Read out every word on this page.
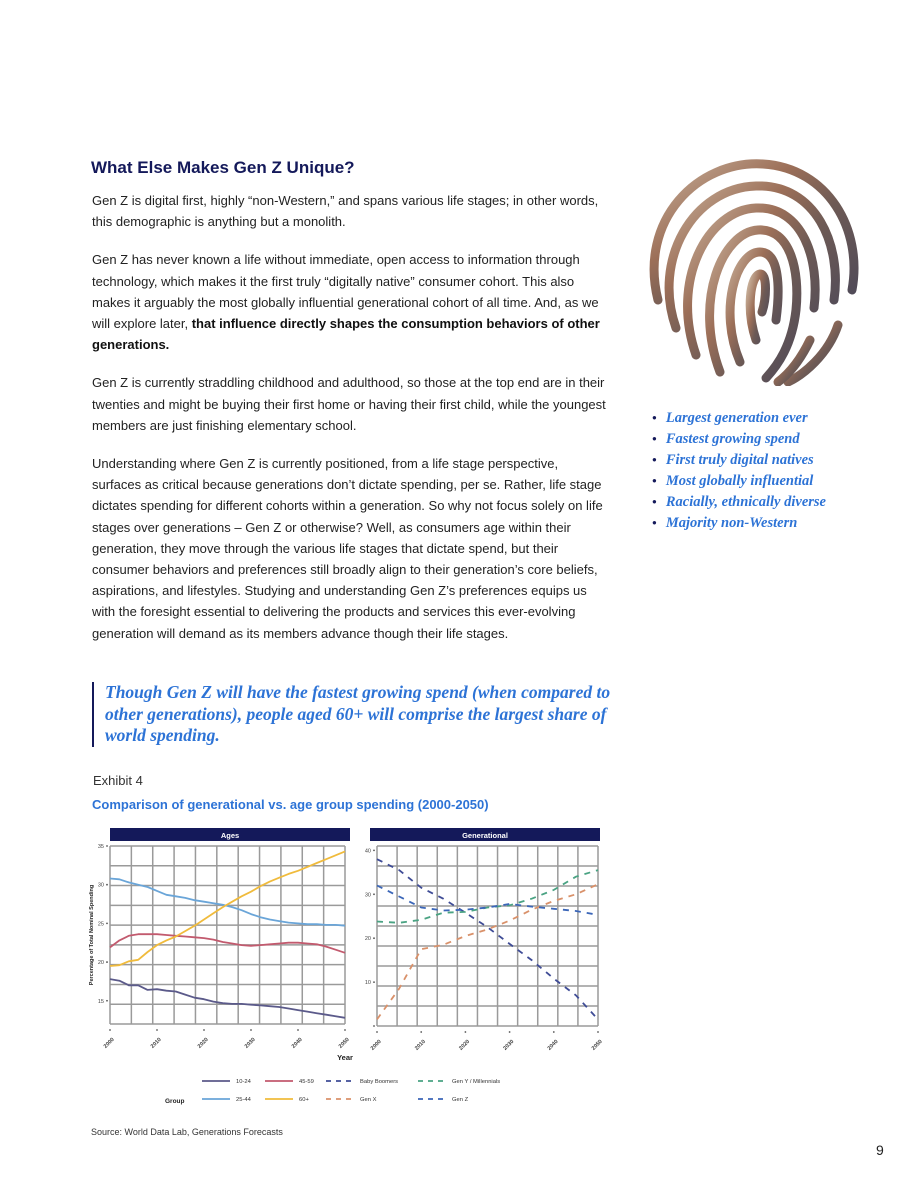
What Else Makes Gen Z Unique?

Gen Z is digital first, highly “non-Western,” and spans various life stages; in other words, this demographic is anything but a monolith.

Gen Z has never known a life without immediate, open access to information through technology, which makes it the first truly “digitally native” consumer cohort. This also makes it arguably the most globally influential generational cohort of all time. And, as we will explore later, that influence directly shapes the consumption behaviors of other generations.

Gen Z is currently straddling childhood and adulthood, so those at the top end are in their twenties and might be buying their first home or having their first child, while the youngest members are just finishing elementary school.

Understanding where Gen Z is currently positioned, from a life stage perspective, surfaces as critical because generations don’t dictate spending, per se. Rather, life stage dictates spending for different cohorts within a generation. So why not focus solely on life stages over generations – Gen Z or otherwise? Well, as consumers age within their generation, they move through the various life stages that dictate spend, but their consumer behaviors and preferences still broadly align to their generation’s core beliefs, aspirations, and lifestyles. Studying and understanding Gen Z’s preferences equips us with the foresight essential to delivering the products and services this ever-evolving generation will demand as its members advance though their life stages.

● Largest generation ever
● Fastest growing spend
● First truly digital natives
● Most globally influential
● Racially, ethnically diverse
● Majority non-Western
Though Gen Z will have the fastest growing spend (when compared to other generations), people aged 60+ will comprise the largest share of world spending.
Exhibit 4
Comparison of generational vs. age group spending (2000-2050)
Ages
15
20
25
30
35
2000	2010	2020	2030	2040	2050
Percentage of Total Nominal Spending
Generational
10
20
30
40
2000	2010	2020	2030	2040	2050
Year
Group
10-24	45-59	Baby Boomers	Gen Y / Millennials
25-44	60+	Gen X	Gen Z
Source: World Data Lab, Generations Forecasts
9
